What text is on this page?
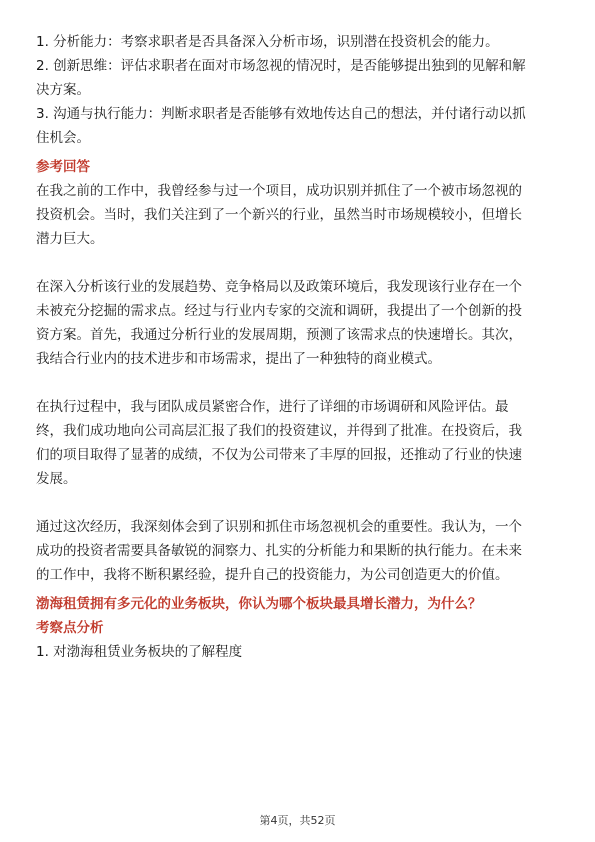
1. 分析能力：考察求职者是否具备深入分析市场，识别潜在投资机会的能力。
2. 创新思维：评估求职者在面对市场忽视的情况时，是否能够提出独到的见解和解
决方案。
3. 沟通与执行能力：判断求职者是否能够有效地传达自己的想法，并付诸行动以抓
住机会。
参考回答
在我之前的工作中，我曾经参与过一个项目，成功识别并抓住了一个被市场忽视的
投资机会。当时，我们关注到了一个新兴的行业，虽然当时市场规模较小，但增长
潜力巨大。
在深入分析该行业的发展趋势、竞争格局以及政策环境后，我发现该行业存在一个
未被充分挖掘的需求点。经过与行业内专家的交流和调研，我提出了一个创新的投
资方案。首先，我通过分析行业的发展周期，预测了该需求点的快速增长。其次，
我结合行业内的技术进步和市场需求，提出了一种独特的商业模式。
在执行过程中，我与团队成员紧密合作，进行了详细的市场调研和风险评估。最
终，我们成功地向公司高层汇报了我们的投资建议，并得到了批准。在投资后，我
们的项目取得了显著的成绩，不仅为公司带来了丰厚的回报，还推动了行业的快速
发展。
通过这次经历，我深刻体会到了识别和抓住市场忽视机会的重要性。我认为，一个
成功的投资者需要具备敏锐的洞察力、扎实的分析能力和果断的执行能力。在未来
的工作中，我将不断积累经验，提升自己的投资能力，为公司创造更大的价值。
渤海租赁拥有多元化的业务板块，你认为哪个板块最具增长潜力，为什么？
考察点分析
1. 对渤海租赁业务板块的了解程度
第4页，共52页
